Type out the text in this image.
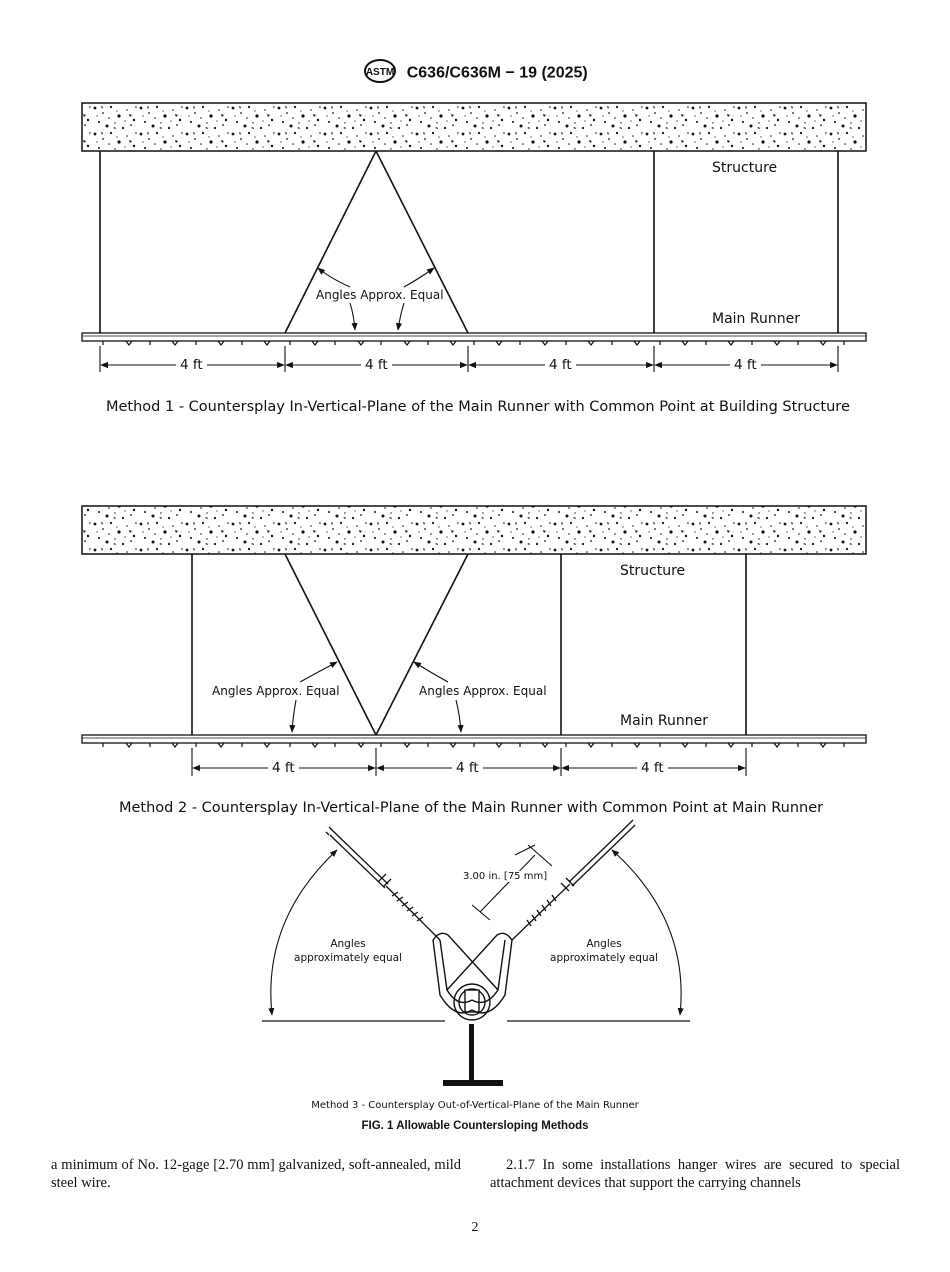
ASTM C636/C636M − 19 (2025)
Structure
Main Runner
Angles Approx. Equal
4 ft	4 ft	4 ft	4 ft
Method 1 - Countersplay In-Vertical-Plane of the Main Runner with Common Point at Building Structure
Structure
Main Runner
Angles Approx. Equal	Angles Approx. Equal
4 ft	4 ft	4 ft
Method 2 - Countersplay In-Vertical-Plane of the Main Runner with Common Point at Main Runner
3.00 in. [75 mm]
Angles
approximately equal
Angles
approximately equal
Method 3 - Countersplay Out-of-Vertical-Plane of the Main Runner
FIG. 1 Allowable Countersloping Methods
a minimum of No. 12-gage [2.70 mm] galvanized, soft-annealed, mild steel wire.
2.1.7 In some installations hanger wires are secured to special attachment devices that support the carrying channels
2
